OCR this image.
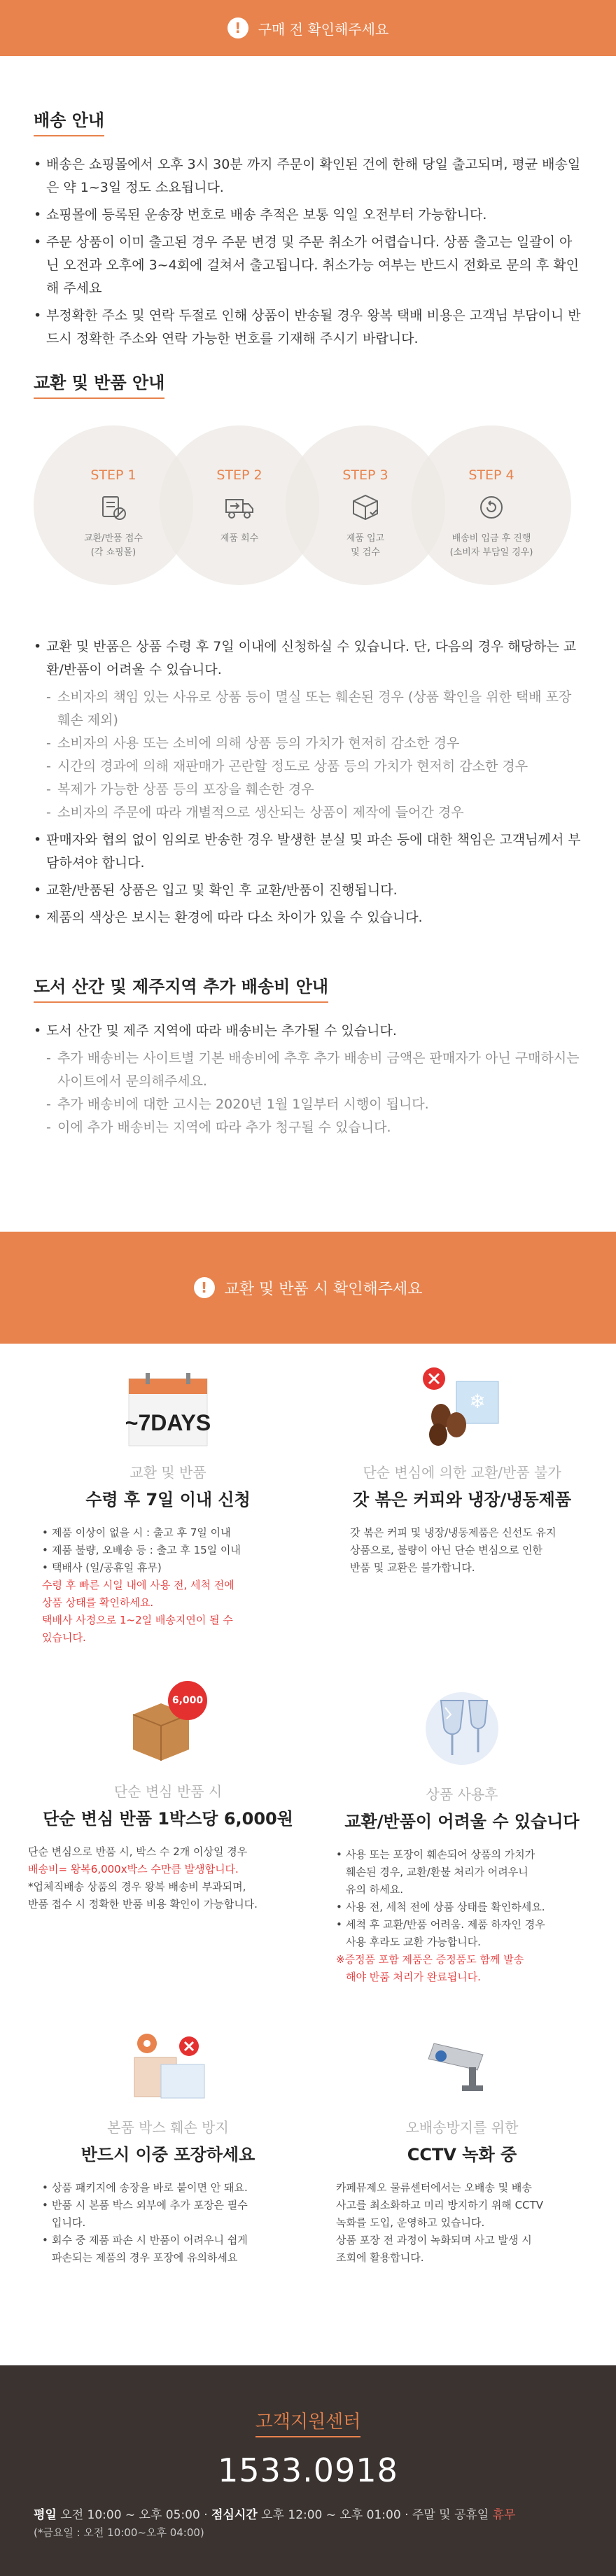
!	구매 전 확인해주세요
배송 안내
• 배송은 쇼핑몰에서 오후 3시 30분 까지 주문이 확인된 건에 한해 당일 출고되며, 평균 배송일은 약 1~3일 정도 소요됩니다.
• 쇼핑몰에 등록된 운송장 번호로 배송 추적은 보통 익일 오전부터 가능합니다.
• 주문 상품이 이미 출고된 경우 주문 변경 및 주문 취소가 어렵습니다. 상품 출고는 일괄이 아닌 오전과 오후에 3~4회에 걸쳐서 출고됩니다. 취소가능 여부는 반드시 전화로 문의 후 확인해 주세요
• 부정확한 주소 및 연락 두절로 인해 상품이 반송될 경우 왕복 택배 비용은 고객님 부담이니 반드시 정확한 주소와 연락 가능한 번호를 기재해 주시기 바랍니다.
교환 및 반품 안내
STEP 1
교환/반품 접수
(각 쇼핑몰)
STEP 2
제품 회수
STEP 3
제품 입고
및 검수
STEP 4
배송비 입금 후 진행
(소비자 부담일 경우)
• 교환 및 반품은 상품 수령 후 7일 이내에 신청하실 수 있습니다. 단, 다음의 경우 해당하는 교환/반품이 어려울 수 있습니다.
- 소비자의 책임 있는 사유로 상품 등이 멸실 또는 훼손된 경우 (상품 확인을 위한 택배 포장 훼손 제외)
- 소비자의 사용 또는 소비에 의해 상품 등의 가치가 현저히 감소한 경우
- 시간의 경과에 의해 재판매가 곤란할 정도로 상품 등의 가치가 현저히 감소한 경우
- 복제가 가능한 상품 등의 포장을 훼손한 경우
- 소비자의 주문에 따라 개별적으로 생산되는 상품이 제작에 들어간 경우
• 판매자와 협의 없이 임의로 반송한 경우 발생한 분실 및 파손 등에 대한 책임은 고객님께서 부담하셔야 합니다.
• 교환/반품된 상품은 입고 및 확인 후 교환/반품이 진행됩니다.
• 제품의 색상은 보시는 환경에 따라 다소 차이가 있을 수 있습니다.
도서 산간 및 제주지역 추가 배송비 안내
• 도서 산간 및 제주 지역에 따라 배송비는 추가될 수 있습니다.
- 추가 배송비는 사이트별 기본 배송비에 추후 추가 배송비 금액은 판매자가 아닌 구매하시는 사이트에서 문의해주세요.
- 추가 배송비에 대한 고시는 2020년 1월 1일부터 시행이 됩니다.
- 이에 추가 배송비는 지역에 따라 추가 청구될 수 있습니다.
!	교환 및 반품 시 확인해주세요
~7DAYS
교환 및 반품
수령 후 7일 이내 신청
• 제품 이상이 없을 시 : 출고 후 7일 이내
• 제품 불량, 오배송 등 : 출고 후 15일 이내
• 택배사 (일/공휴일 휴무)
수령 후 빠른 시일 내에 사용 전, 세척 전에
상품 상태를 확인하세요.
택배사 사정으로 1~2일 배송지연이 될 수
있습니다.
❄
단순 변심에 의한 교환/반품 불가
갓 볶은 커피와 냉장/냉동제품
갓 볶은 커피 및 냉장/냉동제품은 신선도 유지
상품으로, 불량이 아닌 단순 변심으로 인한
반품 및 교환은 불가합니다.
6,000
단순 변심 반품 시
단순 변심 반품 1박스당 6,000원
단순 변심으로 반품 시, 박스 수 2개 이상일 경우
배송비= 왕복6,000x박스 수만큼 발생합니다.
*업체직배송 상품의 경우 왕복 배송비 부과되며,
반품 접수 시 정확한 반품 비용 확인이 가능합니다.
상품 사용후
교환/반품이 어려울 수 있습니다
• 사용 또는 포장이 훼손되어 상품의 가치가
훼손된 경우, 교환/환불 처리가 어려우니
유의 하세요.
• 사용 전, 세척 전에 상품 상태를 확인하세요.
• 세척 후 교환/반품 어려움. 제품 하자인 경우
사용 후라도 교환 가능합니다.
※증정품 포함 제품은 증정품도 함께 발송
해야 반품 처리가 완료됩니다.
본품 박스 훼손 방지
반드시 이중 포장하세요
• 상품 패키지에 송장을 바로 붙이면 안 돼요.
• 반품 시 본품 박스 외부에 추가 포장은 필수
입니다.
• 회수 중 제품 파손 시 반품이 어려우니 쉽게
파손되는 제품의 경우 포장에 유의하세요
오배송방지를 위한
CCTV 녹화 중
카페뮤제오 물류센터에서는 오배송 및 배송
사고를 최소화하고 미리 방지하기 위해 CCTV
녹화를 도입, 운영하고 있습니다.
상품 포장 전 과정이 녹화되며 사고 발생 시
조회에 활용합니다.
고객지원센터
1533.0918
평일 오전 10:00 ~ 오후 05:00 · 점심시간 오후 12:00 ~ 오후 01:00 · 주말 및 공휴일 휴무
(*금요일 : 오전 10:00~오후 04:00)
